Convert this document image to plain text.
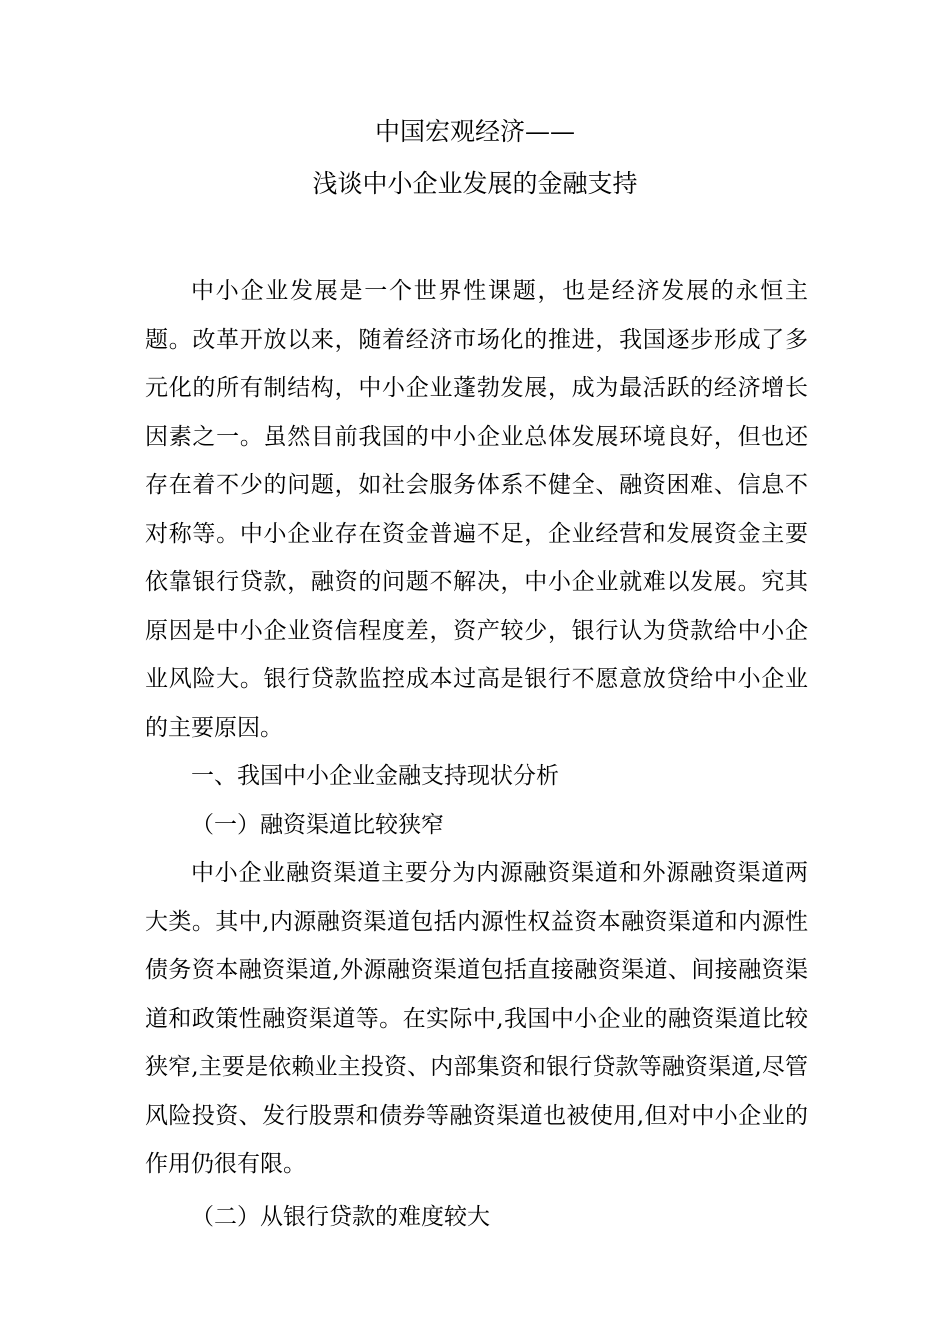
中国宏观经济——
浅谈中小企业发展的金融支持

中小企业发展是一个世界性课题，也是经济发展的永恒主题。改革开放以来，随着经济市场化的推进，我国逐步形成了多元化的所有制结构，中小企业蓬勃发展，成为最活跃的经济增长因素之一。虽然目前我国的中小企业总体发展环境良好，但也还存在着不少的问题，如社会服务体系不健全、融资困难、信息不对称等。中小企业存在资金普遍不足，企业经营和发展资金主要依靠银行贷款，融资的问题不解决，中小企业就难以发展。究其原因是中小企业资信程度差，资产较少，银行认为贷款给中小企业风险大。银行贷款监控成本过高是银行不愿意放贷给中小企业的主要原因。

一、我国中小企业金融支持现状分析

（一）融资渠道比较狭窄

中小企业融资渠道主要分为内源融资渠道和外源融资渠道两大类。其中,内源融资渠道包括内源性权益资本融资渠道和内源性债务资本融资渠道,外源融资渠道包括直接融资渠道、间接融资渠道和政策性融资渠道等。在实际中,我国中小企业的融资渠道比较狭窄,主要是依赖业主投资、内部集资和银行贷款等融资渠道,尽管风险投资、发行股票和债券等融资渠道也被使用,但对中小企业的作用仍很有限。

（二）从银行贷款的难度较大
